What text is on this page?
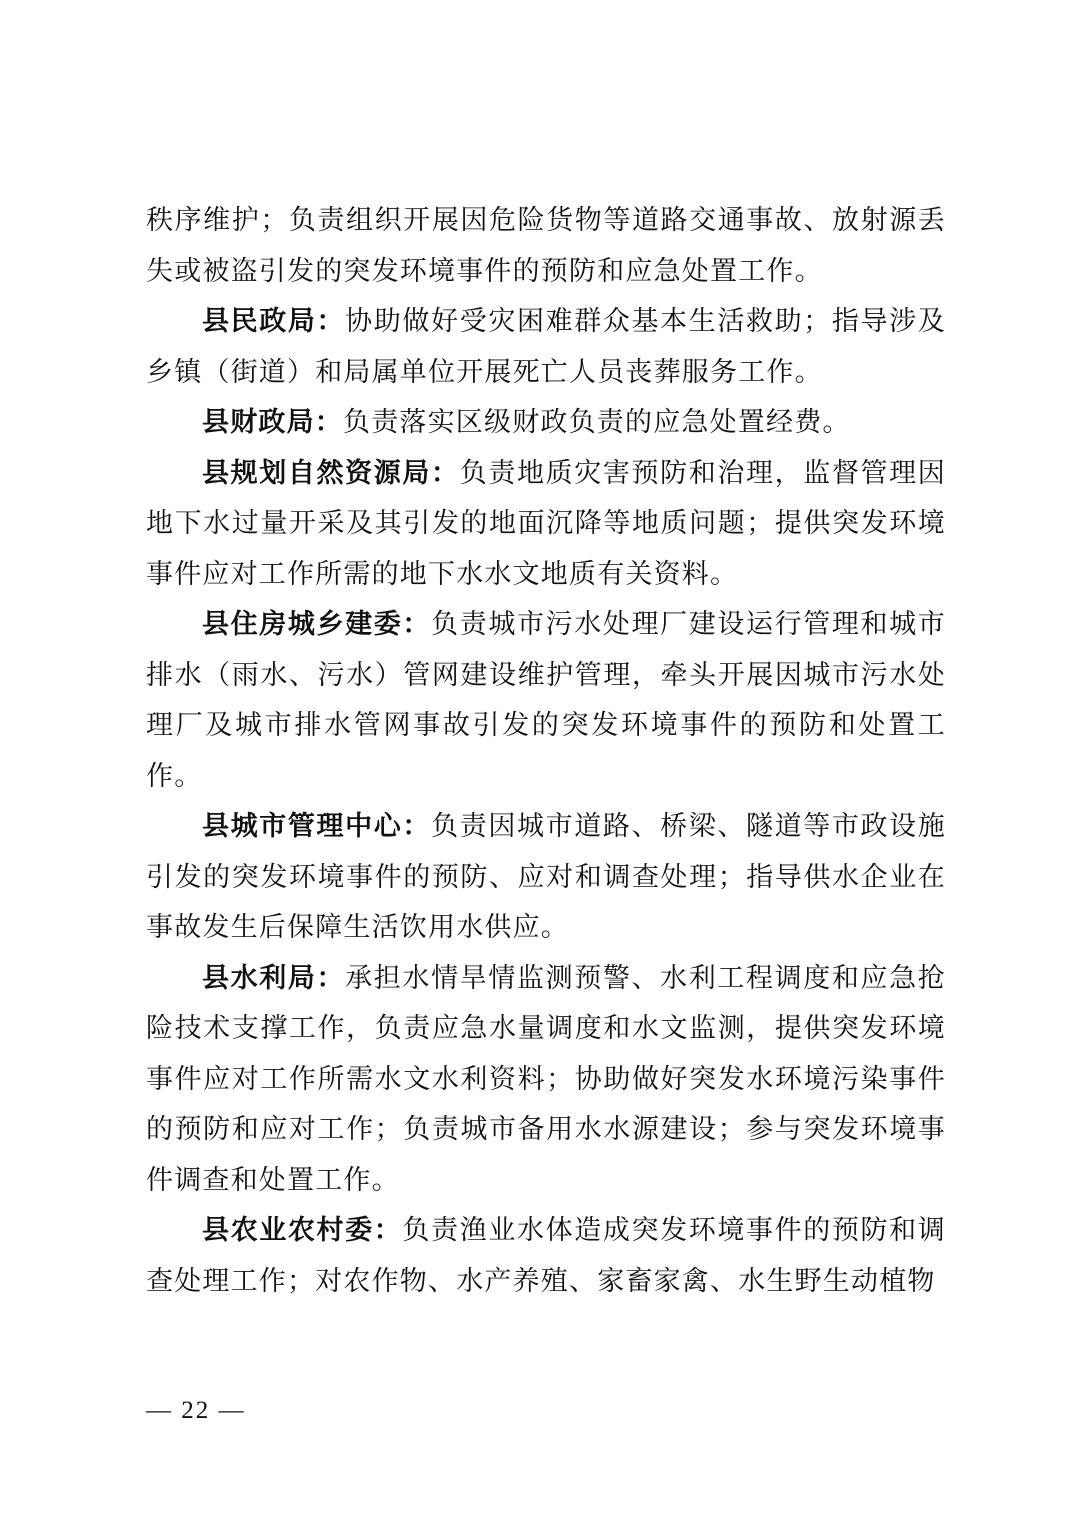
秩序维护；负责组织开展因危险货物等道路交通事故、放射源丢失或被盗引发的突发环境事件的预防和应急处置工作。

县民政局：协助做好受灾困难群众基本生活救助；指导涉及乡镇（街道）和局属单位开展死亡人员丧葬服务工作。

县财政局：负责落实区级财政负责的应急处置经费。

县规划自然资源局：负责地质灾害预防和治理，监督管理因地下水过量开采及其引发的地面沉降等地质问题；提供突发环境事件应对工作所需的地下水水文地质有关资料。

县住房城乡建委：负责城市污水处理厂建设运行管理和城市排水（雨水、污水）管网建设维护管理，牵头开展因城市污水处理厂及城市排水管网事故引发的突发环境事件的预防和处置工作。

县城市管理中心：负责因城市道路、桥梁、隧道等市政设施引发的突发环境事件的预防、应对和调查处理；指导供水企业在事故发生后保障生活饮用水供应。

县水利局：承担水情旱情监测预警、水利工程调度和应急抢险技术支撑工作，负责应急水量调度和水文监测，提供突发环境事件应对工作所需水文水利资料；协助做好突发水环境污染事件的预防和应对工作；负责城市备用水水源建设；参与突发环境事件调查和处置工作。

县农业农村委：负责渔业水体造成突发环境事件的预防和调查处理工作；对农作物、水产养殖、家畜家禽、水生野生动植物

— 22 —
